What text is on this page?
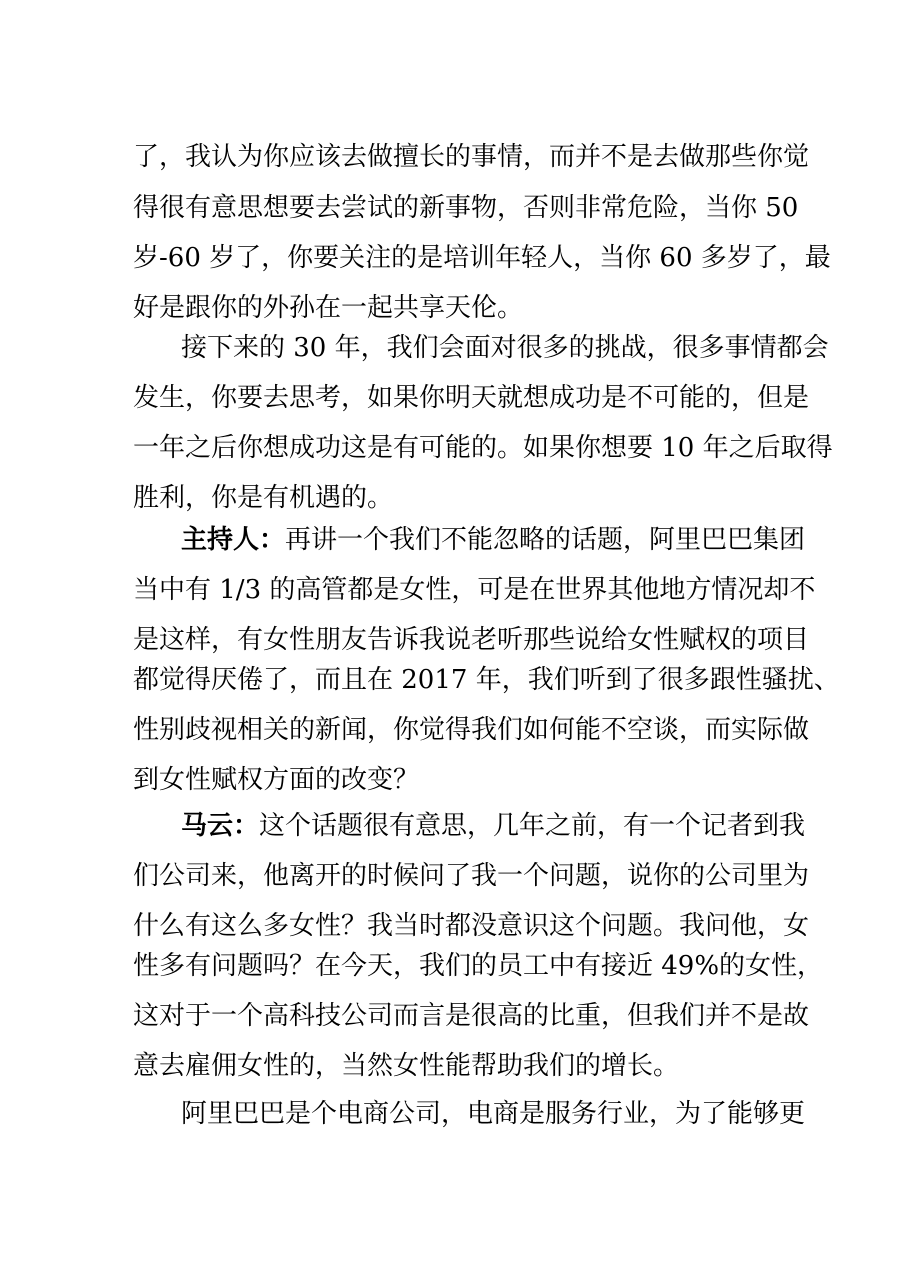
了，我认为你应该去做擅长的事情，而并不是去做那些你觉
得很有意思想要去尝试的新事物，否则非常危险，当你 50
岁-60 岁了，你要关注的是培训年轻人，当你 60 多岁了，最
好是跟你的外孙在一起共享天伦。
接下来的 30 年，我们会面对很多的挑战，很多事情都会
发生，你要去思考，如果你明天就想成功是不可能的，但是
一年之后你想成功这是有可能的。如果你想要 10 年之后取得
胜利，你是有机遇的。
主持人：再讲一个我们不能忽略的话题，阿里巴巴集团
当中有 1/3 的高管都是女性，可是在世界其他地方情况却不
是这样，有女性朋友告诉我说老听那些说给女性赋权的项目
都觉得厌倦了，而且在 2017 年，我们听到了很多跟性骚扰、
性别歧视相关的新闻，你觉得我们如何能不空谈，而实际做
到女性赋权方面的改变？
马云：这个话题很有意思，几年之前，有一个记者到我
们公司来，他离开的时候问了我一个问题，说你的公司里为
什么有这么多女性？我当时都没意识这个问题。我问他，女
性多有问题吗？在今天，我们的员工中有接近 49%的女性，
这对于一个高科技公司而言是很高的比重，但我们并不是故
意去雇佣女性的，当然女性能帮助我们的增长。
阿里巴巴是个电商公司，电商是服务行业，为了能够更
